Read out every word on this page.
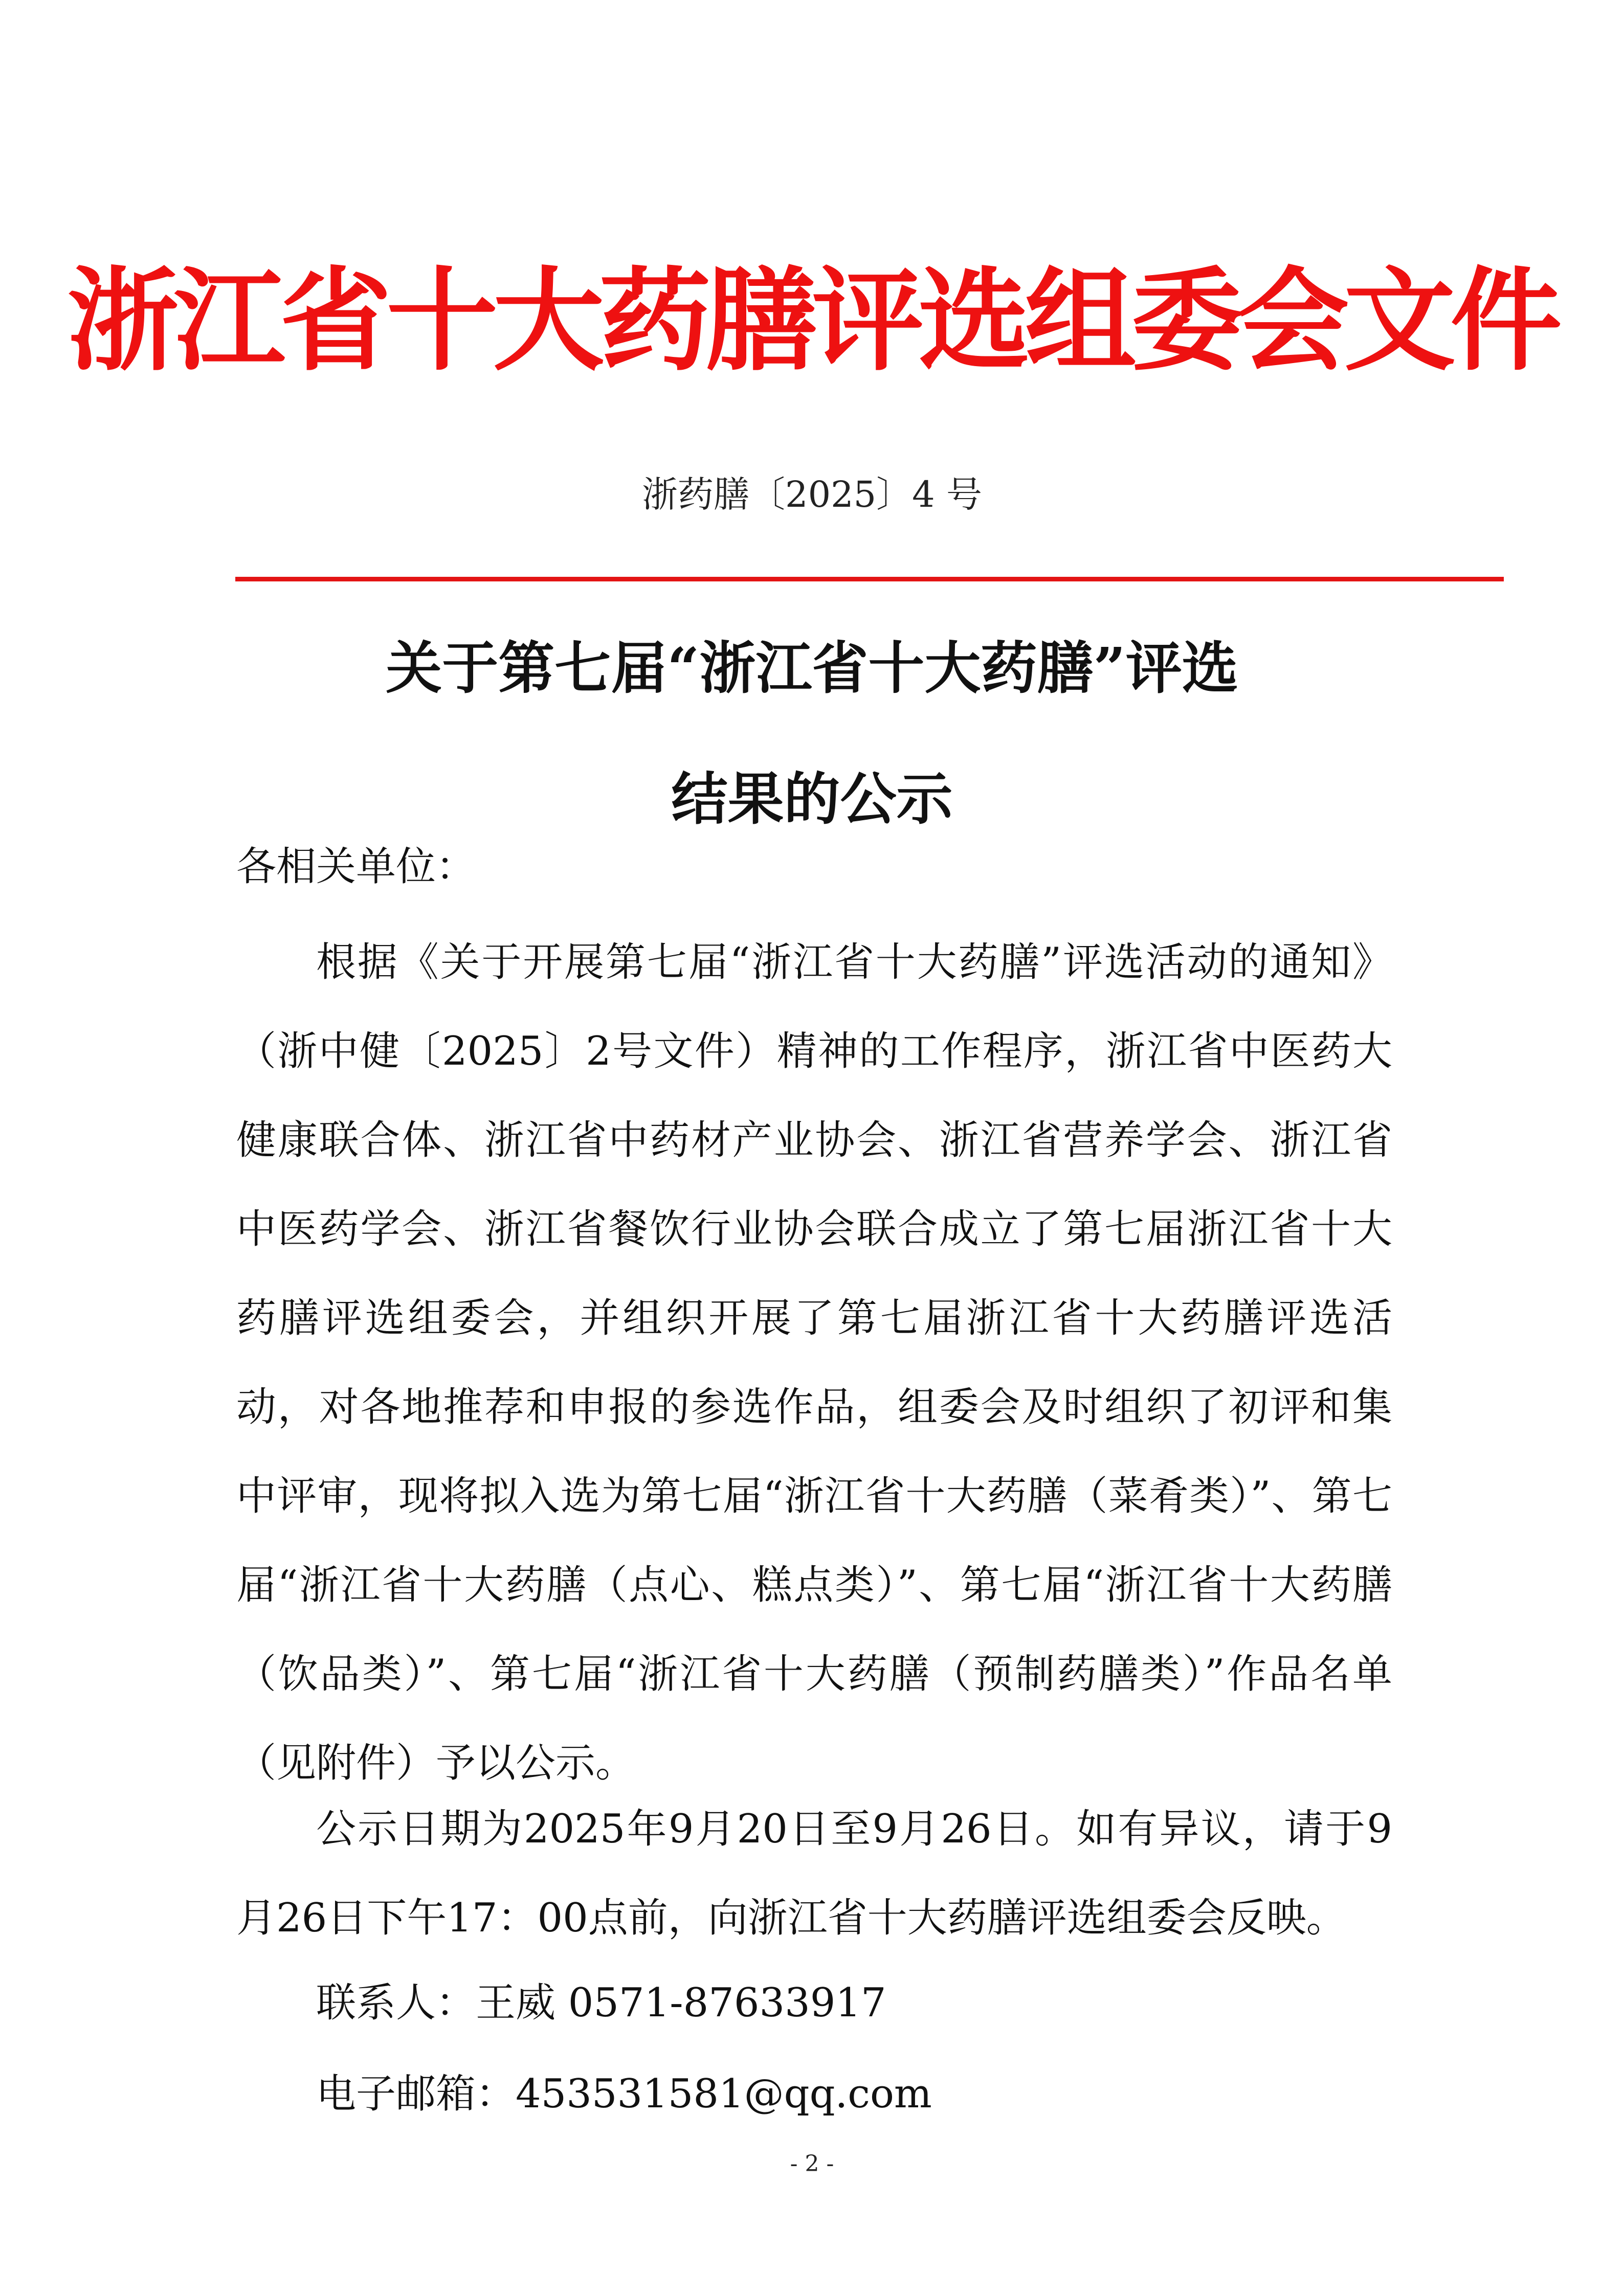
浙江省十大药膳评选组委会文件
浙药膳〔2025〕4 号
关于第七届“浙江省十大药膳”评选
结果的公示
各相关单位：

根据《关于开展第七届“浙江省十大药膳”评选活动的通知》（浙中健〔2025〕2号文件）精神的工作程序，浙江省中医药大健康联合体、浙江省中药材产业协会、浙江省营养学会、浙江省中医药学会、浙江省餐饮行业协会联合成立了第七届浙江省十大药膳评选组委会，并组织开展了第七届浙江省十大药膳评选活动，对各地推荐和申报的参选作品，组委会及时组织了初评和集中评审，现将拟入选为第七届“浙江省十大药膳（菜肴类）”、第七届“浙江省十大药膳（点心、糕点类）”、第七届“浙江省十大药膳（饮品类）”、第七届“浙江省十大药膳（预制药膳类）”作品名单（见附件）予以公示。

公示日期为2025年9月20日至9月26日。如有异议，请于9月26日下午17：00点前，向浙江省十大药膳评选组委会反映。

联系人：王威 0571-87633917
电子邮箱：453531581@qq.com
- 2 -
